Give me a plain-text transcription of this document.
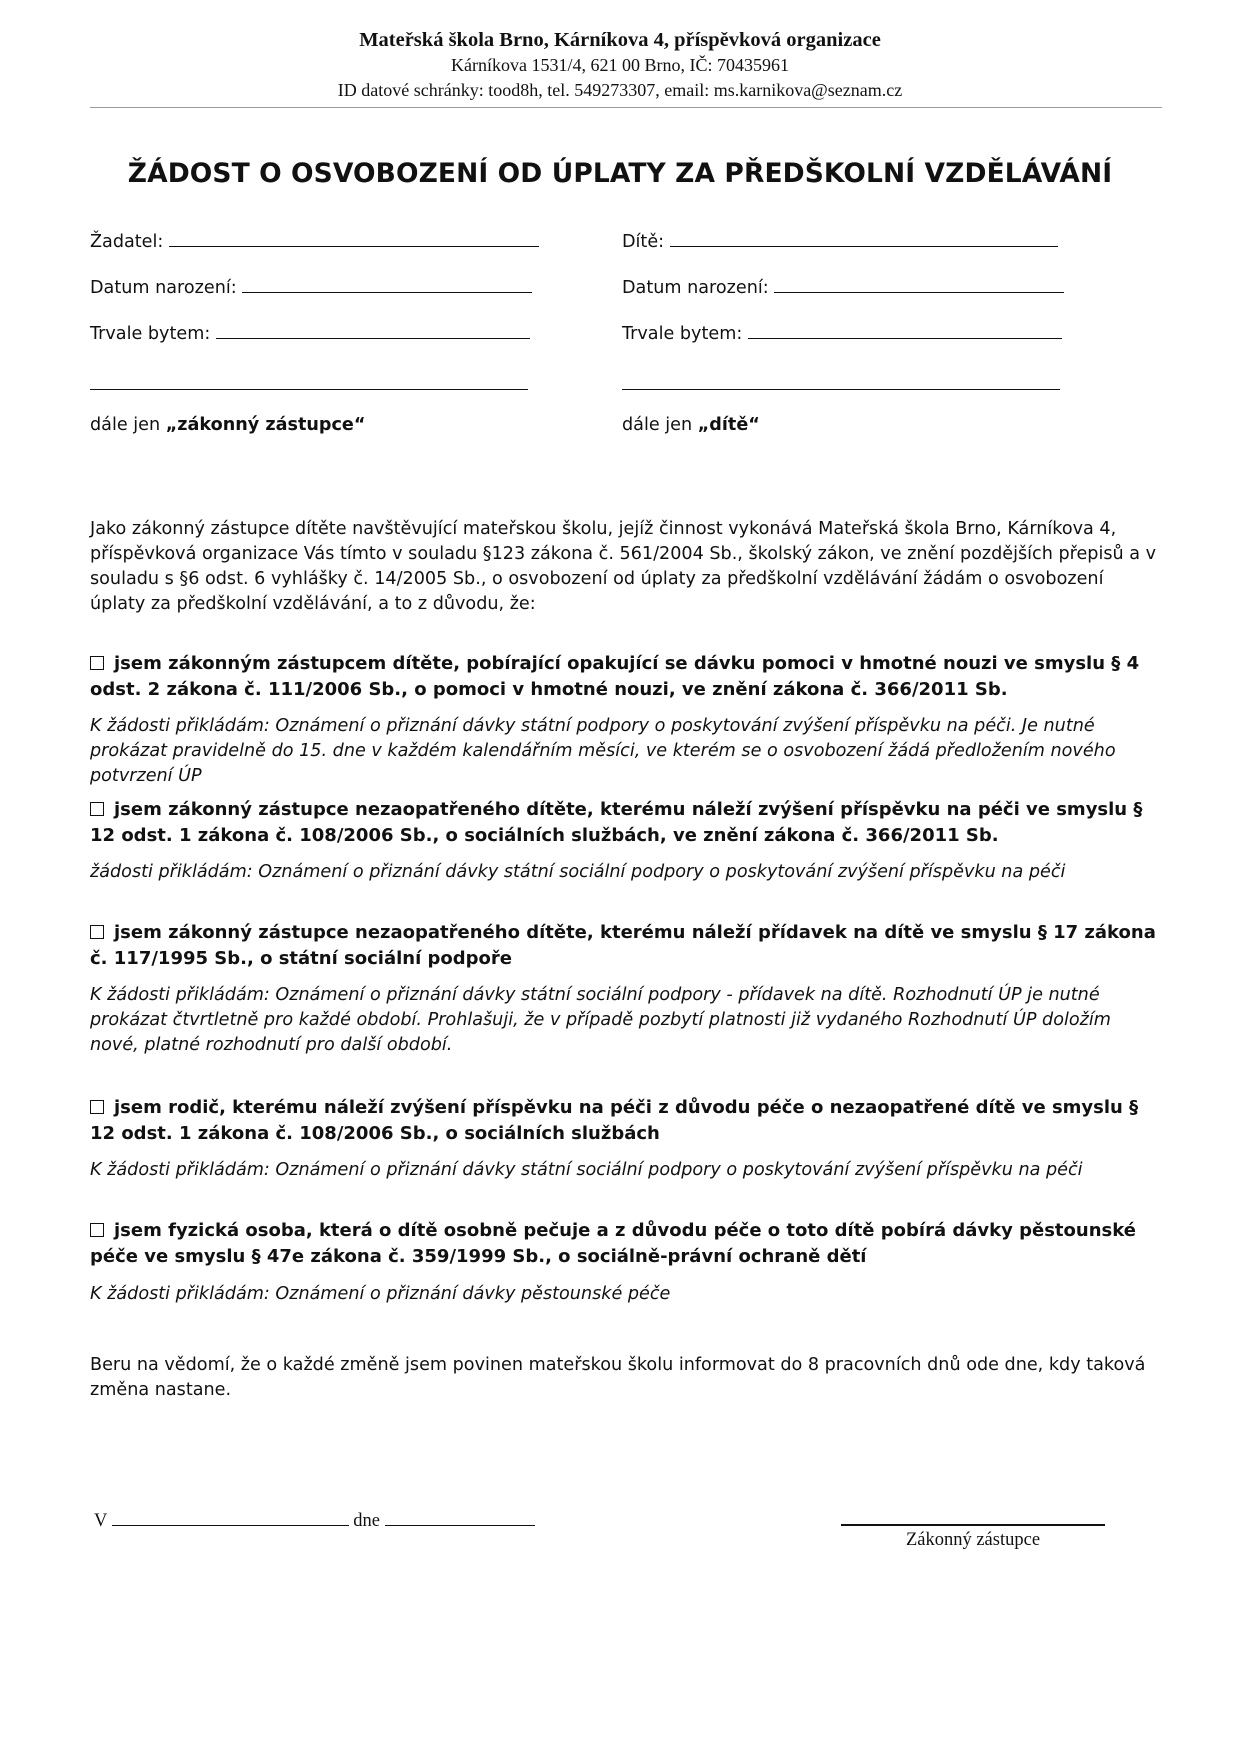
Mateřská škola Brno, Kárníkova 4, příspěvková organizace
Kárníkova 1531/4, 621 00 Brno, IČ: 70435961
ID datové schránky: tood8h, tel. 549273307, email: ms.karnikova@seznam.cz
ŽÁDOST O OSVOBOZENÍ OD ÚPLATY ZA PŘEDŠKOLNÍ VZDĚLÁVÁNÍ
Žadatel:
Datum narození:
Trvale bytem:
dále jen „zákonný zástupce“
Dítě:
Datum narození:
Trvale bytem:
dále jen „dítě“
Jako zákonný zástupce dítěte navštěvující mateřskou školu, jejíž činnost vykonává Mateřská škola Brno, Kárníkova 4, příspěvková organizace Vás tímto v souladu §123 zákona č. 561/2004 Sb., školský zákon, ve znění pozdějších přepisů a v souladu s §6 odst. 6 vyhlášky č. 14/2005 Sb., o osvobození od úplaty za předškolní vzdělávání žádám o osvobození úplaty za předškolní vzdělávání, a to z důvodu, že:
jsem zákonným zástupcem dítěte, pobírající opakující se dávku pomoci v hmotné nouzi ve smyslu § 4 odst. 2 zákona č. 111/2006 Sb., o pomoci v hmotné nouzi, ve znění zákona č. 366/2011 Sb.
K žádosti přikládám: Oznámení o přiznání dávky státní podpory o poskytování zvýšení příspěvku na péči. Je nutné prokázat pravidelně do 15. dne v každém kalendářním měsíci, ve kterém se o osvobození žádá předložením nového potvrzení ÚP
jsem zákonný zástupce nezaopatřeného dítěte, kterému náleží zvýšení příspěvku na péči ve smyslu § 12 odst. 1 zákona č. 108/2006 Sb., o sociálních službách, ve znění zákona č. 366/2011 Sb.
žádosti přikládám: Oznámení o přiznání dávky státní sociální podpory o poskytování zvýšení příspěvku na péči
jsem zákonný zástupce nezaopatřeného dítěte, kterému náleží přídavek na dítě ve smyslu § 17 zákona č. 117/1995 Sb., o státní sociální podpoře
K žádosti přikládám: Oznámení o přiznání dávky státní sociální podpory - přídavek na dítě. Rozhodnutí ÚP je nutné prokázat čtvrtletně pro každé období. Prohlašuji, že v případě pozbytí platnosti již vydaného Rozhodnutí ÚP doložím nové, platné rozhodnutí pro další období.
jsem rodič, kterému náleží zvýšení příspěvku na péči z důvodu péče o nezaopatřené dítě ve smyslu § 12 odst. 1 zákona č. 108/2006 Sb., o sociálních službách
K žádosti přikládám: Oznámení o přiznání dávky státní sociální podpory o poskytování zvýšení příspěvku na péči
jsem fyzická osoba, která o dítě osobně pečuje a z důvodu péče o toto dítě pobírá dávky pěstounské péče ve smyslu § 47e zákona č. 359/1999 Sb., o sociálně-právní ochraně dětí
K žádosti přikládám: Oznámení o přiznání dávky pěstounské péče
Beru na vědomí, že o každé změně jsem povinen mateřskou školu informovat do 8 pracovních dnů ode dne, kdy taková změna nastane.
V	dne
Zákonný zástupce
